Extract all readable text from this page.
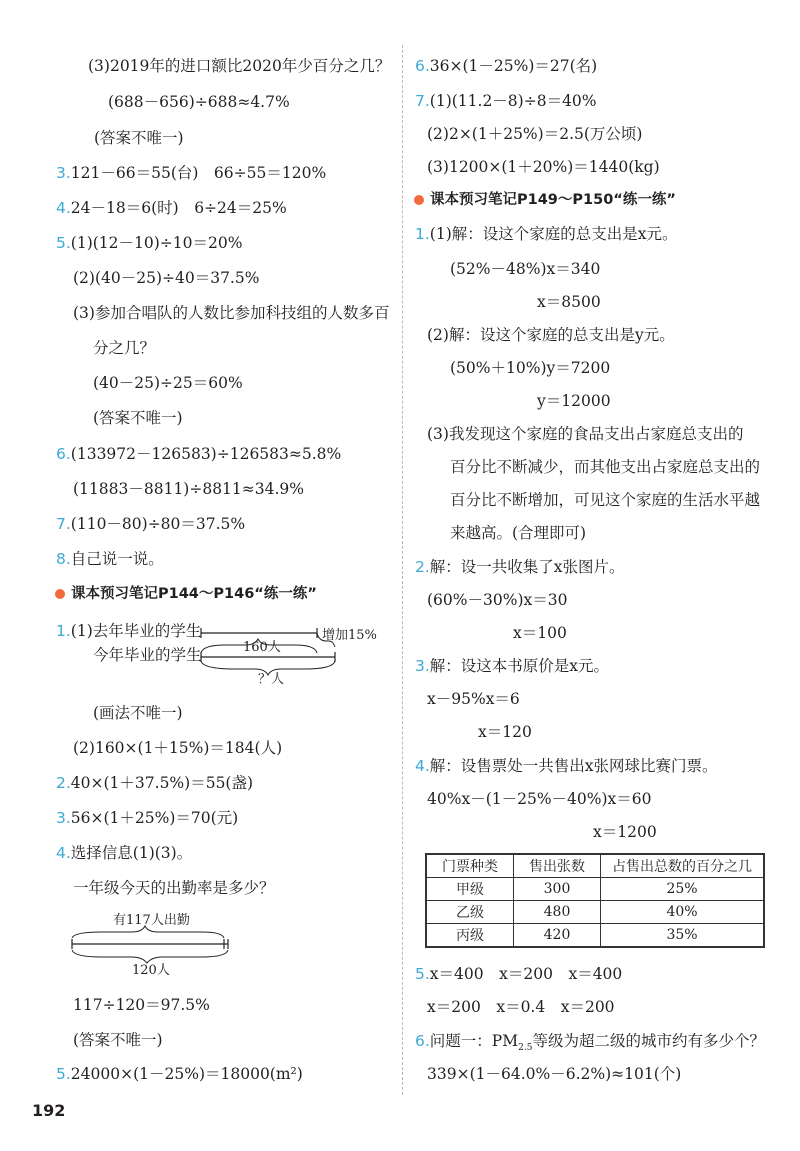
(3)2019年的进口额比2020年少百分之几？
(688－656)÷688≈4.7%
(答案不唯一)
3.121－66＝55(台)　66÷55＝120%
4.24－18＝6(时)　6÷24＝25%
5.(1)(12－10)÷10＝20%
(2)(40－25)÷40＝37.5%
(3)参加合唱队的人数比参加科技组的人数多百
分之几？
(40－25)÷25＝60%
(答案不唯一)
6.(133972－126583)÷126583≈5.8%
(11883－8811)÷8811≈34.9%
7.(110－80)÷80＝37.5%
8.自己说一说。
课本预习笔记P144～P146“练一练”
1.(1)去年毕业的学生
今年毕业的学生	160人
增加15%
？人
(画法不唯一)
(2)160×(1＋15%)＝184(人)
2.40×(1＋37.5%)＝55(盏)
3.56×(1＋25%)＝70(元)
4.选择信息(1)(3)。
一年级今天的出勤率是多少？
有117人出勤
120人
117÷120＝97.5%
(答案不唯一)
5.24000×(1－25%)＝18000(m²)
6.36×(1－25%)＝27(名)
7.(1)(11.2－8)÷8＝40%
(2)2×(1＋25%)＝2.5(万公顷)
(3)1200×(1＋20%)＝1440(kg)
课本预习笔记P149～P150“练一练”
1.(1)解：设这个家庭的总支出是x元。
(52%－48%)x＝340
x＝8500
(2)解：设这个家庭的总支出是y元。
(50%＋10%)y＝7200
y＝12000
(3)我发现这个家庭的食品支出占家庭总支出的
百分比不断减少，而其他支出占家庭总支出的
百分比不断增加，可见这个家庭的生活水平越
来越高。(合理即可)
2.解：设一共收集了x张图片。
(60%－30%)x＝30
x＝100
3.解：设这本书原价是x元。
x－95%x＝6
x＝120
4.解：设售票处一共售出x张网球比赛门票。
40%x－(1－25%－40%)x＝60
x＝1200
门票种类	售出张数	占售出总数的百分之几
甲级	300	25%
乙级	480	40%
丙级	420	35%
5.x＝400　x＝200　x＝400
x＝200　x＝0.4　x＝200
6.问题一：$PM_{2.5}$等级为超二级的城市约有多少个？
339×(1－64.0%－6.2%)≈101(个)
192
